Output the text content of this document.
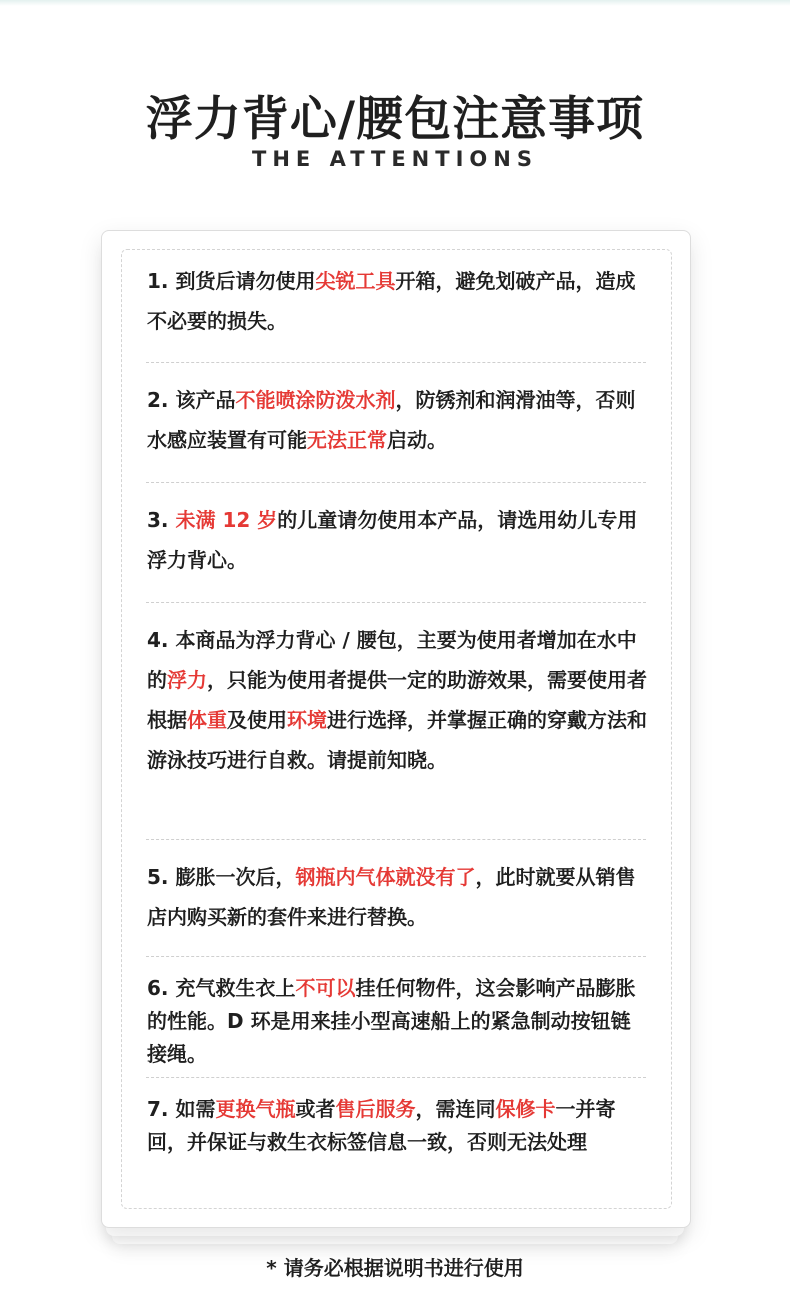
浮力背心/腰包注意事项
THE ATTENTIONS
1. 到货后请勿使用尖锐工具开箱，避免划破产品，造成不必要的损失。
2. 该产品不能喷涂防泼水剂，防锈剂和润滑油等，否则水感应装置有可能无法正常启动。
3. 未满 12 岁的儿童请勿使用本产品，请选用幼儿专用浮力背心。
4. 本商品为浮力背心 / 腰包，主要为使用者增加在水中的浮力，只能为使用者提供一定的助游效果，需要使用者根据体重及使用环境进行选择，并掌握正确的穿戴方法和游泳技巧进行自救。请提前知晓。
5. 膨胀一次后，钢瓶内气体就没有了，此时就要从销售店内购买新的套件来进行替换。
6. 充气救生衣上不可以挂任何物件，这会影响产品膨胀的性能。D 环是用来挂小型高速船上的紧急制动按钮链接绳。
7. 如需更换气瓶或者售后服务，需连同保修卡一并寄回，并保证与救生衣标签信息一致，否则无法处理
* 请务必根据说明书进行使用
